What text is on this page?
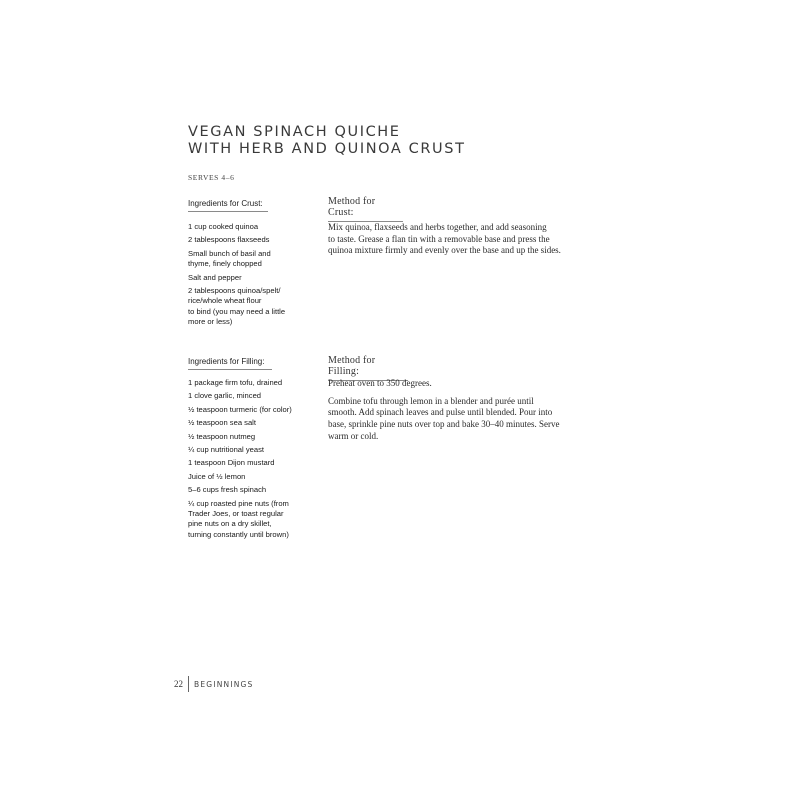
VEGAN SPINACH QUICHE
WITH HERB AND QUINOA CRUST
SERVES 4–6
Ingredients for Crust:	Method for Crust:
1 cup cooked quinoa
2 tablespoons flaxseeds
Small bunch of basil and
thyme, finely chopped
Salt and pepper
2 tablespoons quinoa/spelt/
rice/whole wheat flour
to bind (you may need a little
more or less)

Mix quinoa, flaxseeds and herbs together, and add seasoning
to taste. Grease a flan tin with a removable base and press the
quinoa mixture firmly and evenly over the base and up the sides.

Ingredients for Filling:	Method for Filling:
1 package firm tofu, drained
1 clove garlic, minced
½ teaspoon turmeric (for color)
½ teaspoon sea salt
½ teaspoon nutmeg
¼ cup nutritional yeast
1 teaspoon Dijon mustard
Juice of ½ lemon
5–6 cups fresh spinach
¼ cup roasted pine nuts (from
Trader Joes, or toast regular
pine nuts on a dry skillet,
turning constantly until brown)

Preheat oven to 350 degrees.

Combine tofu through lemon in a blender and purée until
smooth. Add spinach leaves and pulse until blended. Pour into
base, sprinkle pine nuts over top and bake 30–40 minutes. Serve
warm or cold.

22 BEGINNINGS
